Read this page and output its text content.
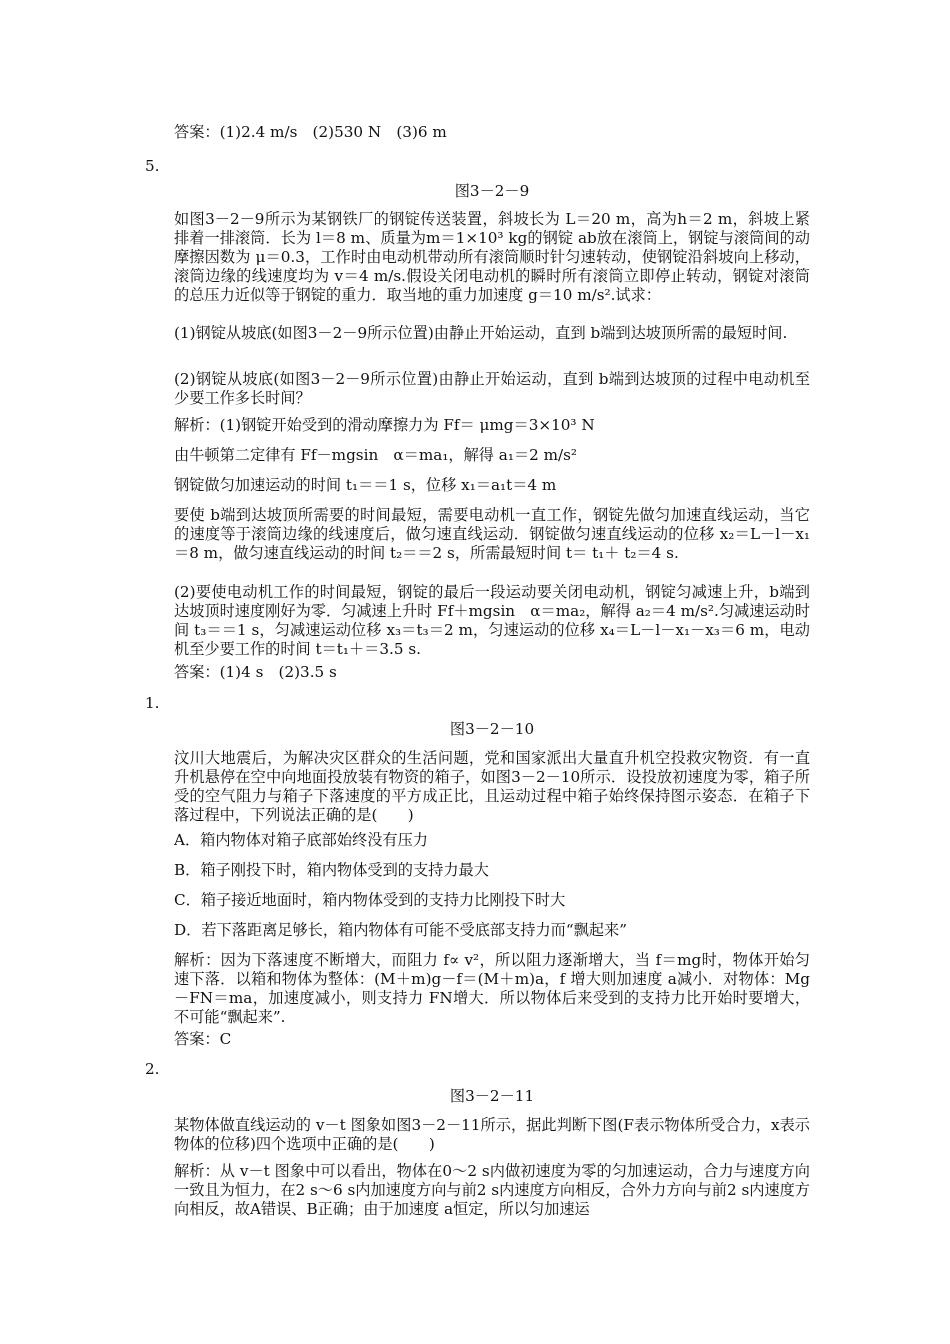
答案：(1)2.4 m/s　(2)530 N　(3)6 m
5.
图3－2－9
如图3－2－9所示为某钢铁厂的钢锭传送装置，斜坡长为 L＝20 m，高为h＝2 m，斜坡上紧排着一排滚筒．长为 l＝8 m、质量为m＝1×10³ kg的钢锭 ab放在滚筒上，钢锭与滚筒间的动摩擦因数为 μ＝0.3，工作时由电动机带动所有滚筒顺时针匀速转动，使钢锭沿斜坡向上移动，滚筒边缘的线速度均为 v＝4 m/s.假设关闭电动机的瞬时所有滚筒立即停止转动，钢锭对滚筒的总压力近似等于钢锭的重力．取当地的重力加速度 g＝10 m/s².试求：
(1)钢锭从坡底(如图3－2－9所示位置)由静止开始运动，直到 b端到达坡顶所需的最短时间.
(2)钢锭从坡底(如图3－2－9所示位置)由静止开始运动，直到 b端到达坡顶的过程中电动机至少要工作多长时间？
解析：(1)钢锭开始受到的滑动摩擦力为 Ff＝ μmg＝3×10³ N
由牛顿第二定律有 Ff－mgsin　α＝ma₁，解得 a₁＝2 m/s²
钢锭做匀加速运动的时间 t₁＝＝1 s，位移 x₁＝a₁t＝4 m
要使 b端到达坡顶所需要的时间最短，需要电动机一直工作，钢锭先做匀加速直线运动，当它的速度等于滚筒边缘的线速度后，做匀速直线运动．钢锭做匀速直线运动的位移 x₂＝L－l－x₁＝8 m，做匀速直线运动的时间 t₂＝＝2 s，所需最短时间 t＝ t₁＋ t₂＝4 s.
(2)要使电动机工作的时间最短，钢锭的最后一段运动要关闭电动机，钢锭匀减速上升，b端到达坡顶时速度刚好为零．匀减速上升时 Ff＋mgsin　α＝ma₂，解得 a₂＝4 m/s².匀减速运动时间 t₃＝＝1 s，匀减速运动位移 x₃＝t₃＝2 m，匀速运动的位移 x₄＝L－l－x₁－x₃＝6 m，电动机至少要工作的时间 t＝t₁＋＝3.5 s.
答案：(1)4 s　(2)3.5 s
1.
图3－2－10
汶川大地震后，为解决灾区群众的生活问题，党和国家派出大量直升机空投救灾物资．有一直升机悬停在空中向地面投放装有物资的箱子，如图3－2－10所示．设投放初速度为零，箱子所受的空气阻力与箱子下落速度的平方成正比，且运动过程中箱子始终保持图示姿态．在箱子下落过程中，下列说法正确的是(　　)
A．箱内物体对箱子底部始终没有压力
B．箱子刚投下时，箱内物体受到的支持力最大
C．箱子接近地面时，箱内物体受到的支持力比刚投下时大
D．若下落距离足够长，箱内物体有可能不受底部支持力而“飘起来”
解析：因为下落速度不断增大，而阻力 f∝ v²，所以阻力逐渐增大，当 f＝mg时，物体开始匀速下落．以箱和物体为整体：(M＋m)g－f＝(M＋m)a，f 增大则加速度 a减小．对物体：Mg－FN＝ma，加速度减小，则支持力 FN增大．所以物体后来受到的支持力比开始时要增大，不可能“飘起来”.
答案：C
2.
图3－2－11
某物体做直线运动的 v－t 图象如图3－2－11所示，据此判断下图(F表示物体所受合力，x表示物体的位移)四个选项中正确的是(　　)
解析：从 v－t 图象中可以看出，物体在0～2 s内做初速度为零的匀加速运动，合力与速度方向一致且为恒力，在2 s～6 s内加速度方向与前2 s内速度方向相反，合外力方向与前2 s内速度方向相反，故A错误、B正确；由于加速度 a恒定，所以匀加速运
